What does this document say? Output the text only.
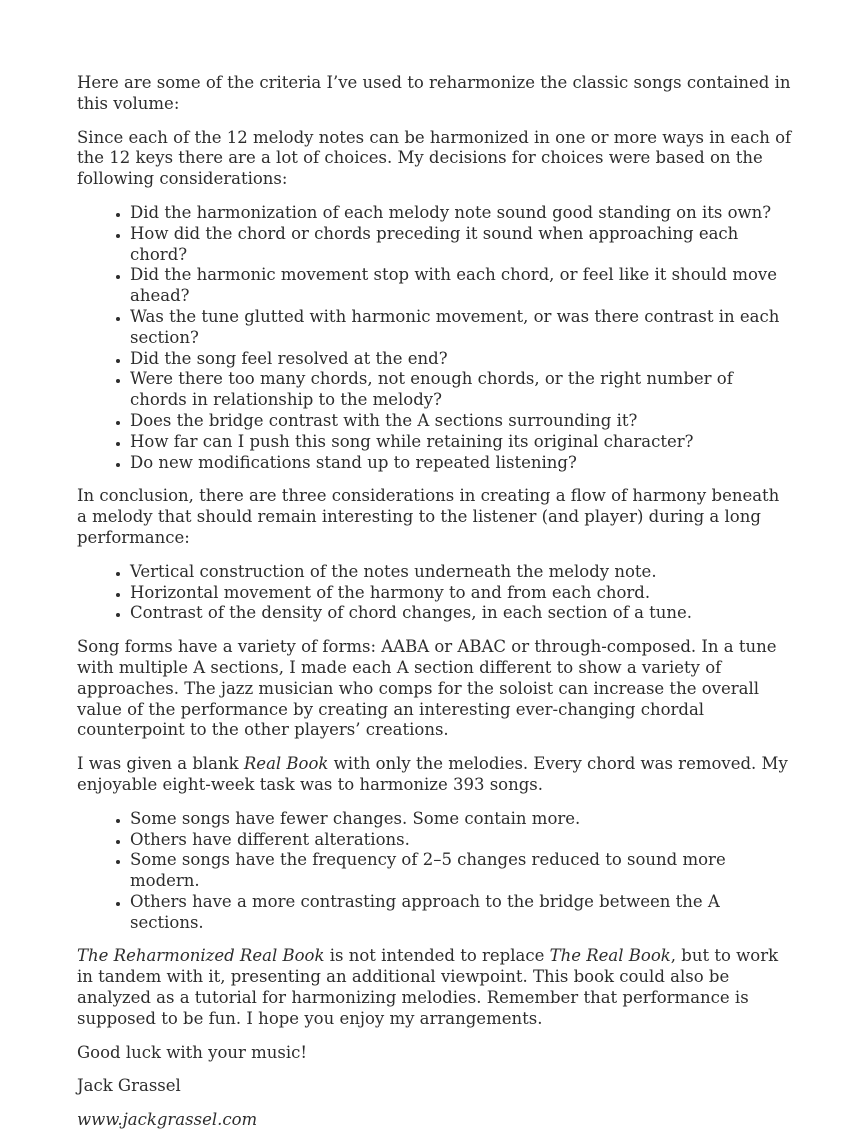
Here are some of the criteria I’ve used to reharmonize the classic songs contained in this volume:

Since each of the 12 melody notes can be harmonized in one or more ways in each of the 12 keys there are a lot of choices. My decisions for choices were based on the following considerations:

• Did the harmonization of each melody note sound good standing on its own?
• How did the chord or chords preceding it sound when approaching each chord?
• Did the harmonic movement stop with each chord, or feel like it should move ahead?
• Was the tune glutted with harmonic movement, or was there contrast in each section?
• Did the song feel resolved at the end?
• Were there too many chords, not enough chords, or the right number of chords in relationship to the melody?
• Does the bridge contrast with the A sections surrounding it?
• How far can I push this song while retaining its original character?
• Do new modifications stand up to repeated listening?

In conclusion, there are three considerations in creating a flow of harmony beneath a melody that should remain interesting to the listener (and player) during a long performance:

• Vertical construction of the notes underneath the melody note.
• Horizontal movement of the harmony to and from each chord.
• Contrast of the density of chord changes, in each section of a tune.

Song forms have a variety of forms: AABA or ABAC or through-composed. In a tune with multiple A sections, I made each A section different to show a variety of approaches. The jazz musician who comps for the soloist can increase the overall value of the performance by creating an interesting ever-changing chordal counterpoint to the other players’ creations.

I was given a blank Real Book with only the melodies. Every chord was removed. My enjoyable eight-week task was to harmonize 393 songs.

• Some songs have fewer changes. Some contain more.
• Others have different alterations.
• Some songs have the frequency of 2–5 changes reduced to sound more modern.
• Others have a more contrasting approach to the bridge between the A sections.

The Reharmonized Real Book is not intended to replace The Real Book, but to work in tandem with it, presenting an additional viewpoint. This book could also be analyzed as a tutorial for harmonizing melodies. Remember that performance is supposed to be fun. I hope you enjoy my arrangements.

Good luck with your music!

Jack Grassel

www.jackgrassel.com
